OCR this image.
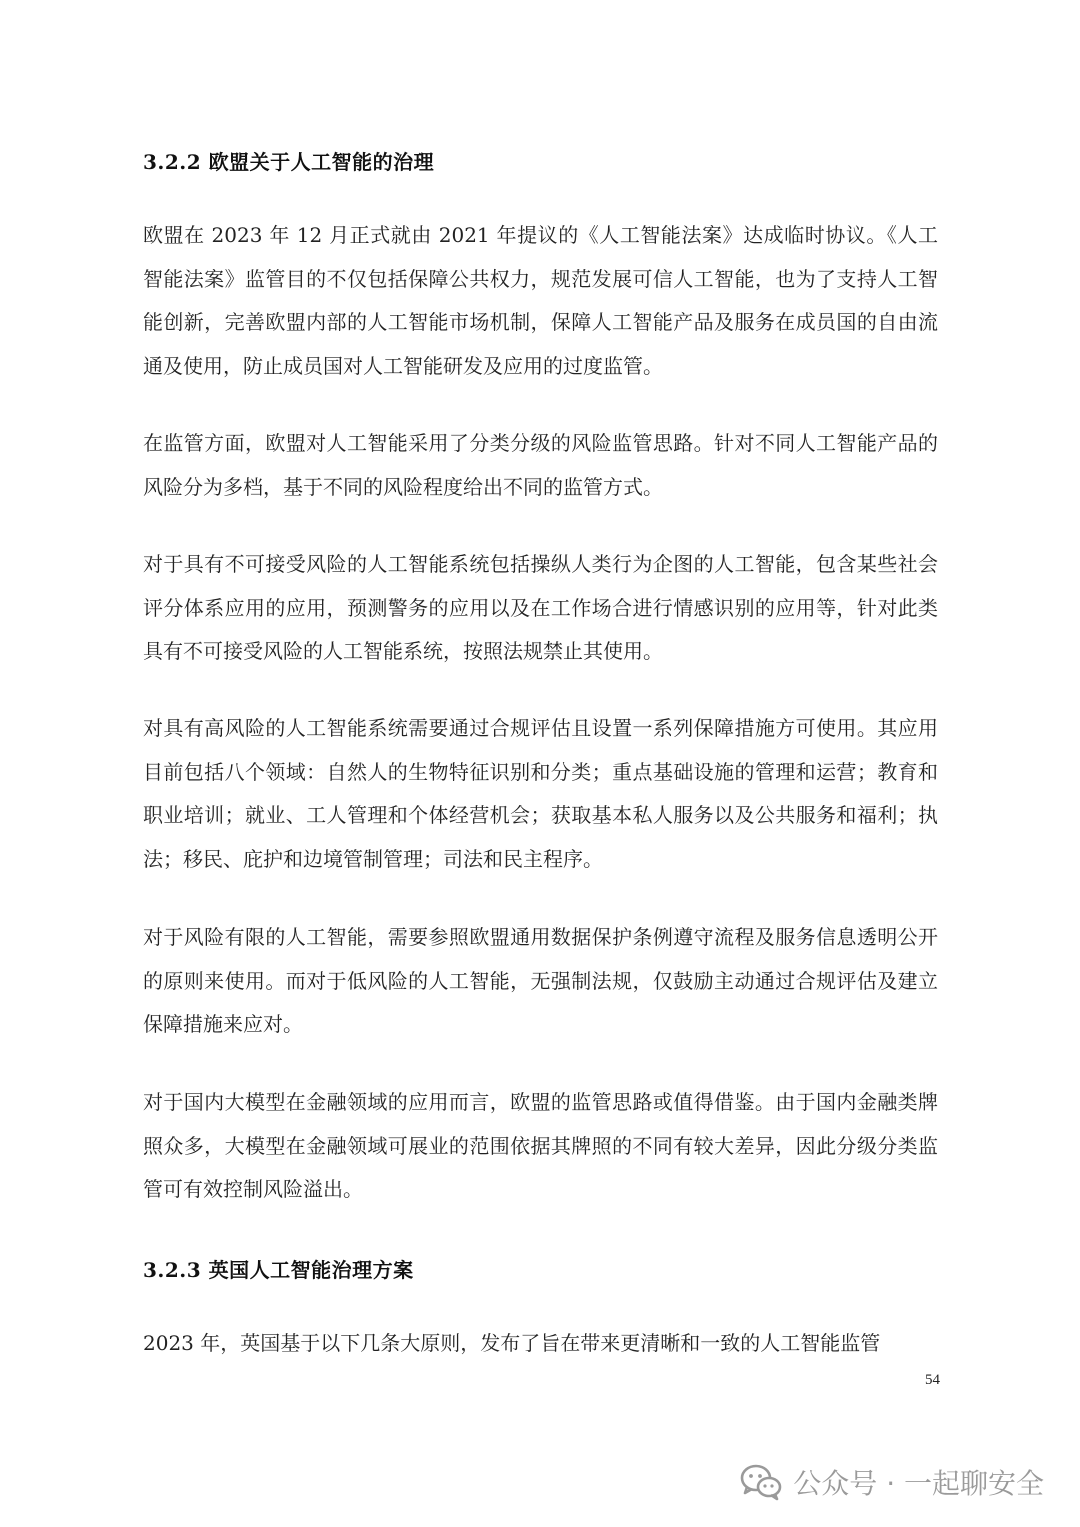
3.2.2 欧盟关于人工智能的治理
欧盟在 2023 年 12 月正式就由 2021 年提议的《人工智能法案》达成临时协议。《人工智能法案》监管目的不仅包括保障公共权力，规范发展可信人工智能，也为了支持人工智能创新，完善欧盟内部的人工智能市场机制，保障人工智能产品及服务在成员国的自由流通及使用，防止成员国对人工智能研发及应用的过度监管。
在监管方面，欧盟对人工智能采用了分类分级的风险监管思路。针对不同人工智能产品的风险分为多档，基于不同的风险程度给出不同的监管方式。
对于具有不可接受风险的人工智能系统包括操纵人类行为企图的人工智能，包含某些社会评分体系应用的应用，预测警务的应用以及在工作场合进行情感识别的应用等，针对此类具有不可接受风险的人工智能系统，按照法规禁止其使用。
对具有高风险的人工智能系统需要通过合规评估且设置一系列保障措施方可使用。其应用目前包括八个领域：自然人的生物特征识别和分类；重点基础设施的管理和运营；教育和职业培训；就业、工人管理和个体经营机会；获取基本私人服务以及公共服务和福利；执法；移民、庇护和边境管制管理；司法和民主程序。
对于风险有限的人工智能，需要参照欧盟通用数据保护条例遵守流程及服务信息透明公开的原则来使用。而对于低风险的人工智能，无强制法规，仅鼓励主动通过合规评估及建立保障措施来应对。
对于国内大模型在金融领域的应用而言，欧盟的监管思路或值得借鉴。由于国内金融类牌照众多，大模型在金融领域可展业的范围依据其牌照的不同有较大差异，因此分级分类监管可有效控制风险溢出。
3.2.3 英国人工智能治理方案
2023 年，英国基于以下几条大原则，发布了旨在带来更清晰和一致的人工智能监管
54
公众号 · 一起聊安全
